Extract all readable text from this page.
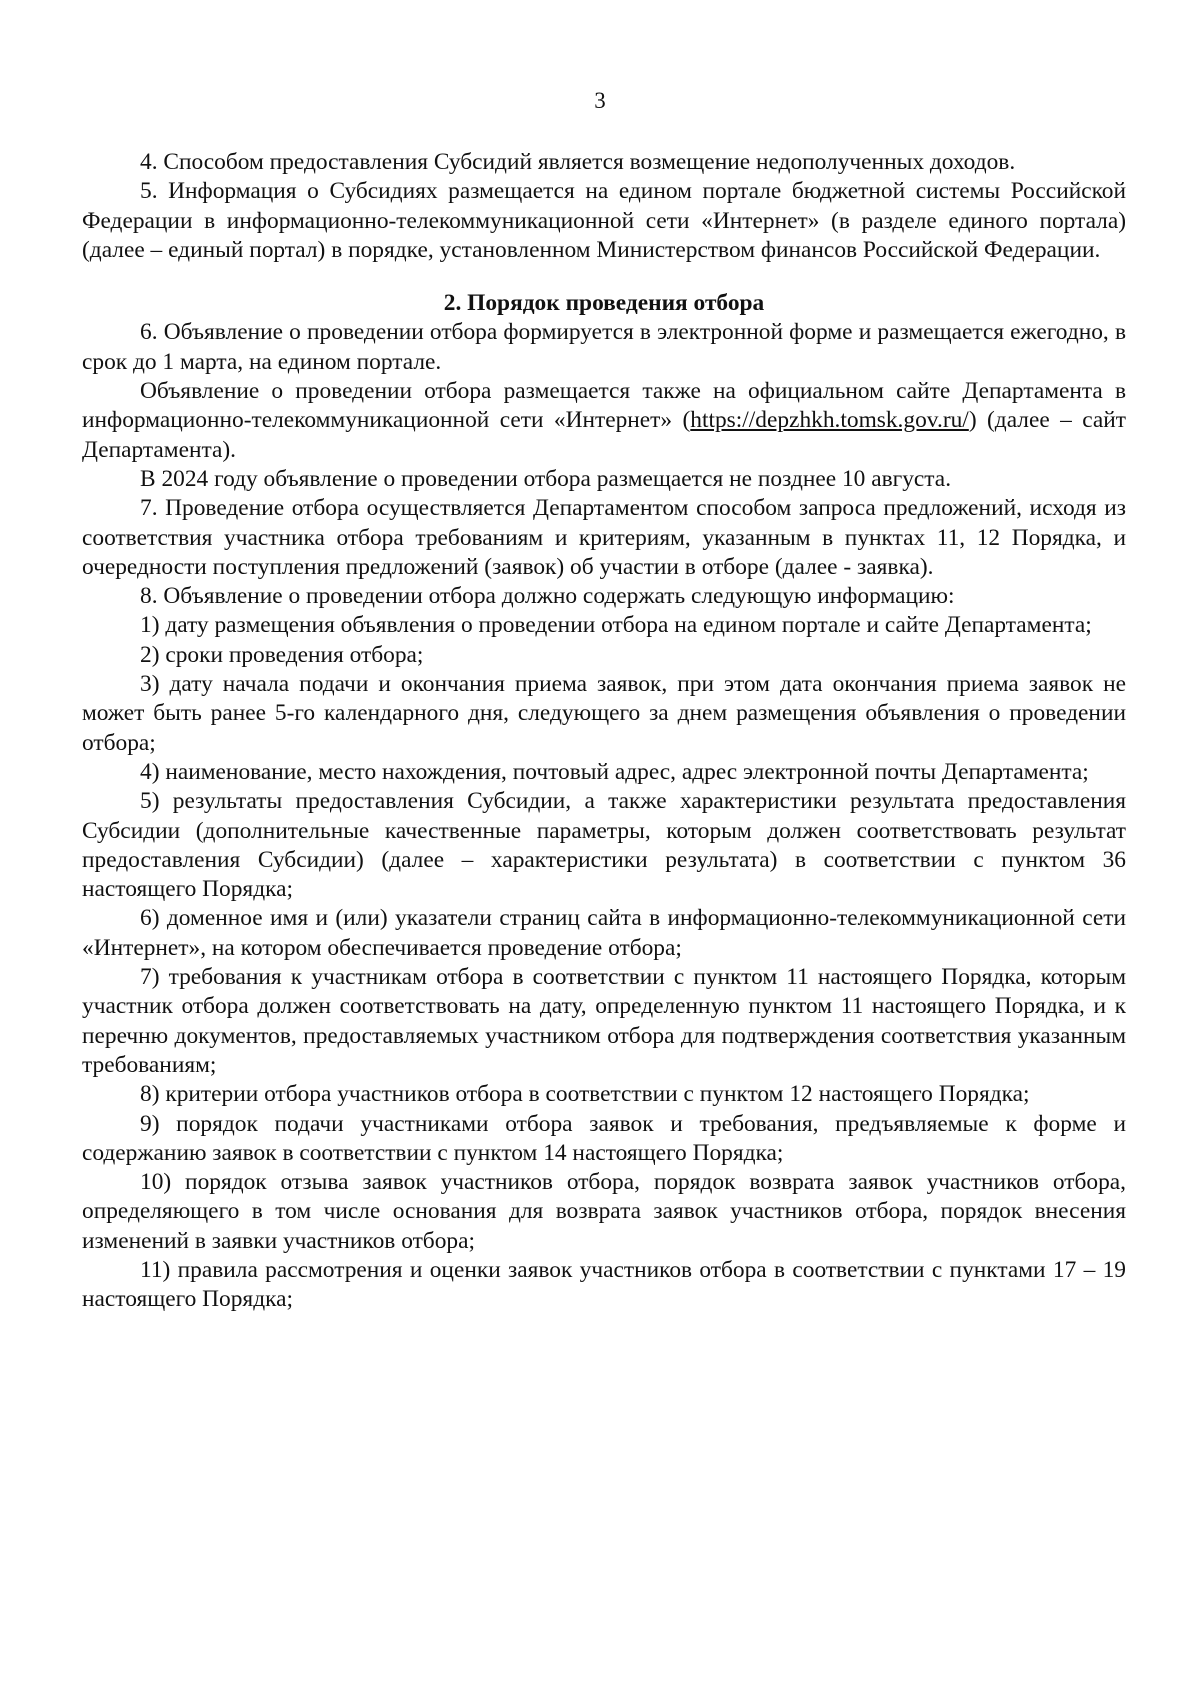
3

4. Способом предоставления Субсидий является возмещение недополученных доходов.

5. Информация о Субсидиях размещается на едином портале бюджетной системы Российской Федерации в информационно-телекоммуникационной сети «Интернет» (в разделе единого портала) (далее – единый портал) в порядке, установленном Министерством финансов Российской Федерации.

2. Порядок проведения отбора

6. Объявление о проведении отбора формируется в электронной форме и размещается ежегодно, в срок до 1 марта, на едином портале.

Объявление о проведении отбора размещается также на официальном сайте Департамента в информационно-телекоммуникационной сети «Интернет» (https://depzhkh.tomsk.gov.ru/) (далее – сайт Департамента).

В 2024 году объявление о проведении отбора размещается не позднее 10 августа.

7. Проведение отбора осуществляется Департаментом способом запроса предложений, исходя из соответствия участника отбора требованиям и критериям, указанным в пунктах 11, 12 Порядка, и очередности поступления предложений (заявок) об участии в отборе (далее - заявка).

8. Объявление о проведении отбора должно содержать следующую информацию:

1) дату размещения объявления о проведении отбора на едином портале и сайте Департамента;

2) сроки проведения отбора;

3) дату начала подачи и окончания приема заявок, при этом дата окончания приема заявок не может быть ранее 5-го календарного дня, следующего за днем размещения объявления о проведении отбора;

4) наименование, место нахождения, почтовый адрес, адрес электронной почты Департамента;

5) результаты предоставления Субсидии, а также характеристики результата предоставления Субсидии (дополнительные качественные параметры, которым должен соответствовать результат предоставления Субсидии) (далее – характеристики результата) в соответствии с пунктом 36 настоящего Порядка;

6) доменное имя и (или) указатели страниц сайта в информационно-телекоммуникационной сети «Интернет», на котором обеспечивается проведение отбора;

7) требования к участникам отбора в соответствии с пунктом 11 настоящего Порядка, которым участник отбора должен соответствовать на дату, определенную пунктом 11 настоящего Порядка, и к перечню документов, предоставляемых участником отбора для подтверждения соответствия указанным требованиям;

8) критерии отбора участников отбора в соответствии с пунктом 12 настоящего Порядка;

9) порядок подачи участниками отбора заявок и требования, предъявляемые к форме и содержанию заявок в соответствии с пунктом 14 настоящего Порядка;

10) порядок отзыва заявок участников отбора, порядок возврата заявок участников отбора, определяющего в том числе основания для возврата заявок участников отбора, порядок внесения изменений в заявки участников отбора;

11) правила рассмотрения и оценки заявок участников отбора в соответствии с пунктами 17 – 19 настоящего Порядка;
